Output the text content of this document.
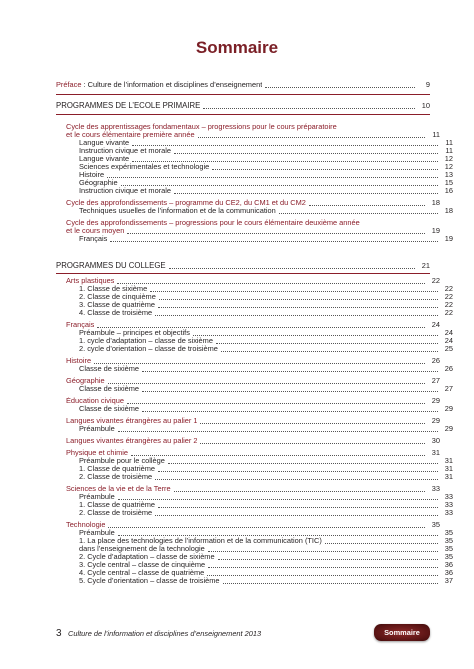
Sommaire
Préface : Culture de l’information et disciplines d’enseignement	9
PROGRAMMES DE L’ÉCOLE PRIMAIRE	10
Cycle des apprentissages fondamentaux – progressions pour le cours préparatoire
et le cours élémentaire première année	11
Langue vivante	11
Instruction civique et morale	11
Langue vivante	12
Sciences expérimentales et technologie	12
Histoire	13
Géographie	15
Instruction civique et morale	16
Cycle des approfondissements – programme du CE2, du CM1 et du CM2	18
Techniques usuelles de l’information et de la communication	18
Cycle des approfondissements – progressions pour le cours élémentaire deuxième année
et le cours moyen	19
Français	19
PROGRAMMES DU COLLÈGE	21
Arts plastiques	22
1. Classe de sixième	22
2. Classe de cinquième	22
3. Classe de quatrième	22
4. Classe de troisième	22
Français	24
Préambule – principes et objectifs	24
1. cycle d’adaptation – classe de sixième	24
2. cycle d’orientation – classe de troisième	25
Histoire	26
Classe de sixième	26
Géographie	27
Classe de sixième	27
Éducation civique	29
Classe de sixième	29
Langues vivantes étrangères au palier 1	29
Préambule	29
Langues vivantes étrangères au palier 2	30
Physique et chimie	31
Préambule pour le collège	31
1. Classe de quatrième	31
2. Classe de troisième	31
Sciences de la vie et de la Terre	33
Préambule	33
1. Classe de quatrième	33
2. Classe de troisième	33
Technologie	35
Préambule	35
1. La place des technologies de l’information et de la communication (TIC)	35
dans l’enseignement de la technologie	35
2. Cycle d’adaptation – classe de sixième	35
3. Cycle central – classe de cinquième	36
4. Cycle central – classe de quatrième	36
5. Cycle d’orientation – classe de troisième	37
3 Culture de l’information et disciplines d’enseignement 2013	Sommaire
